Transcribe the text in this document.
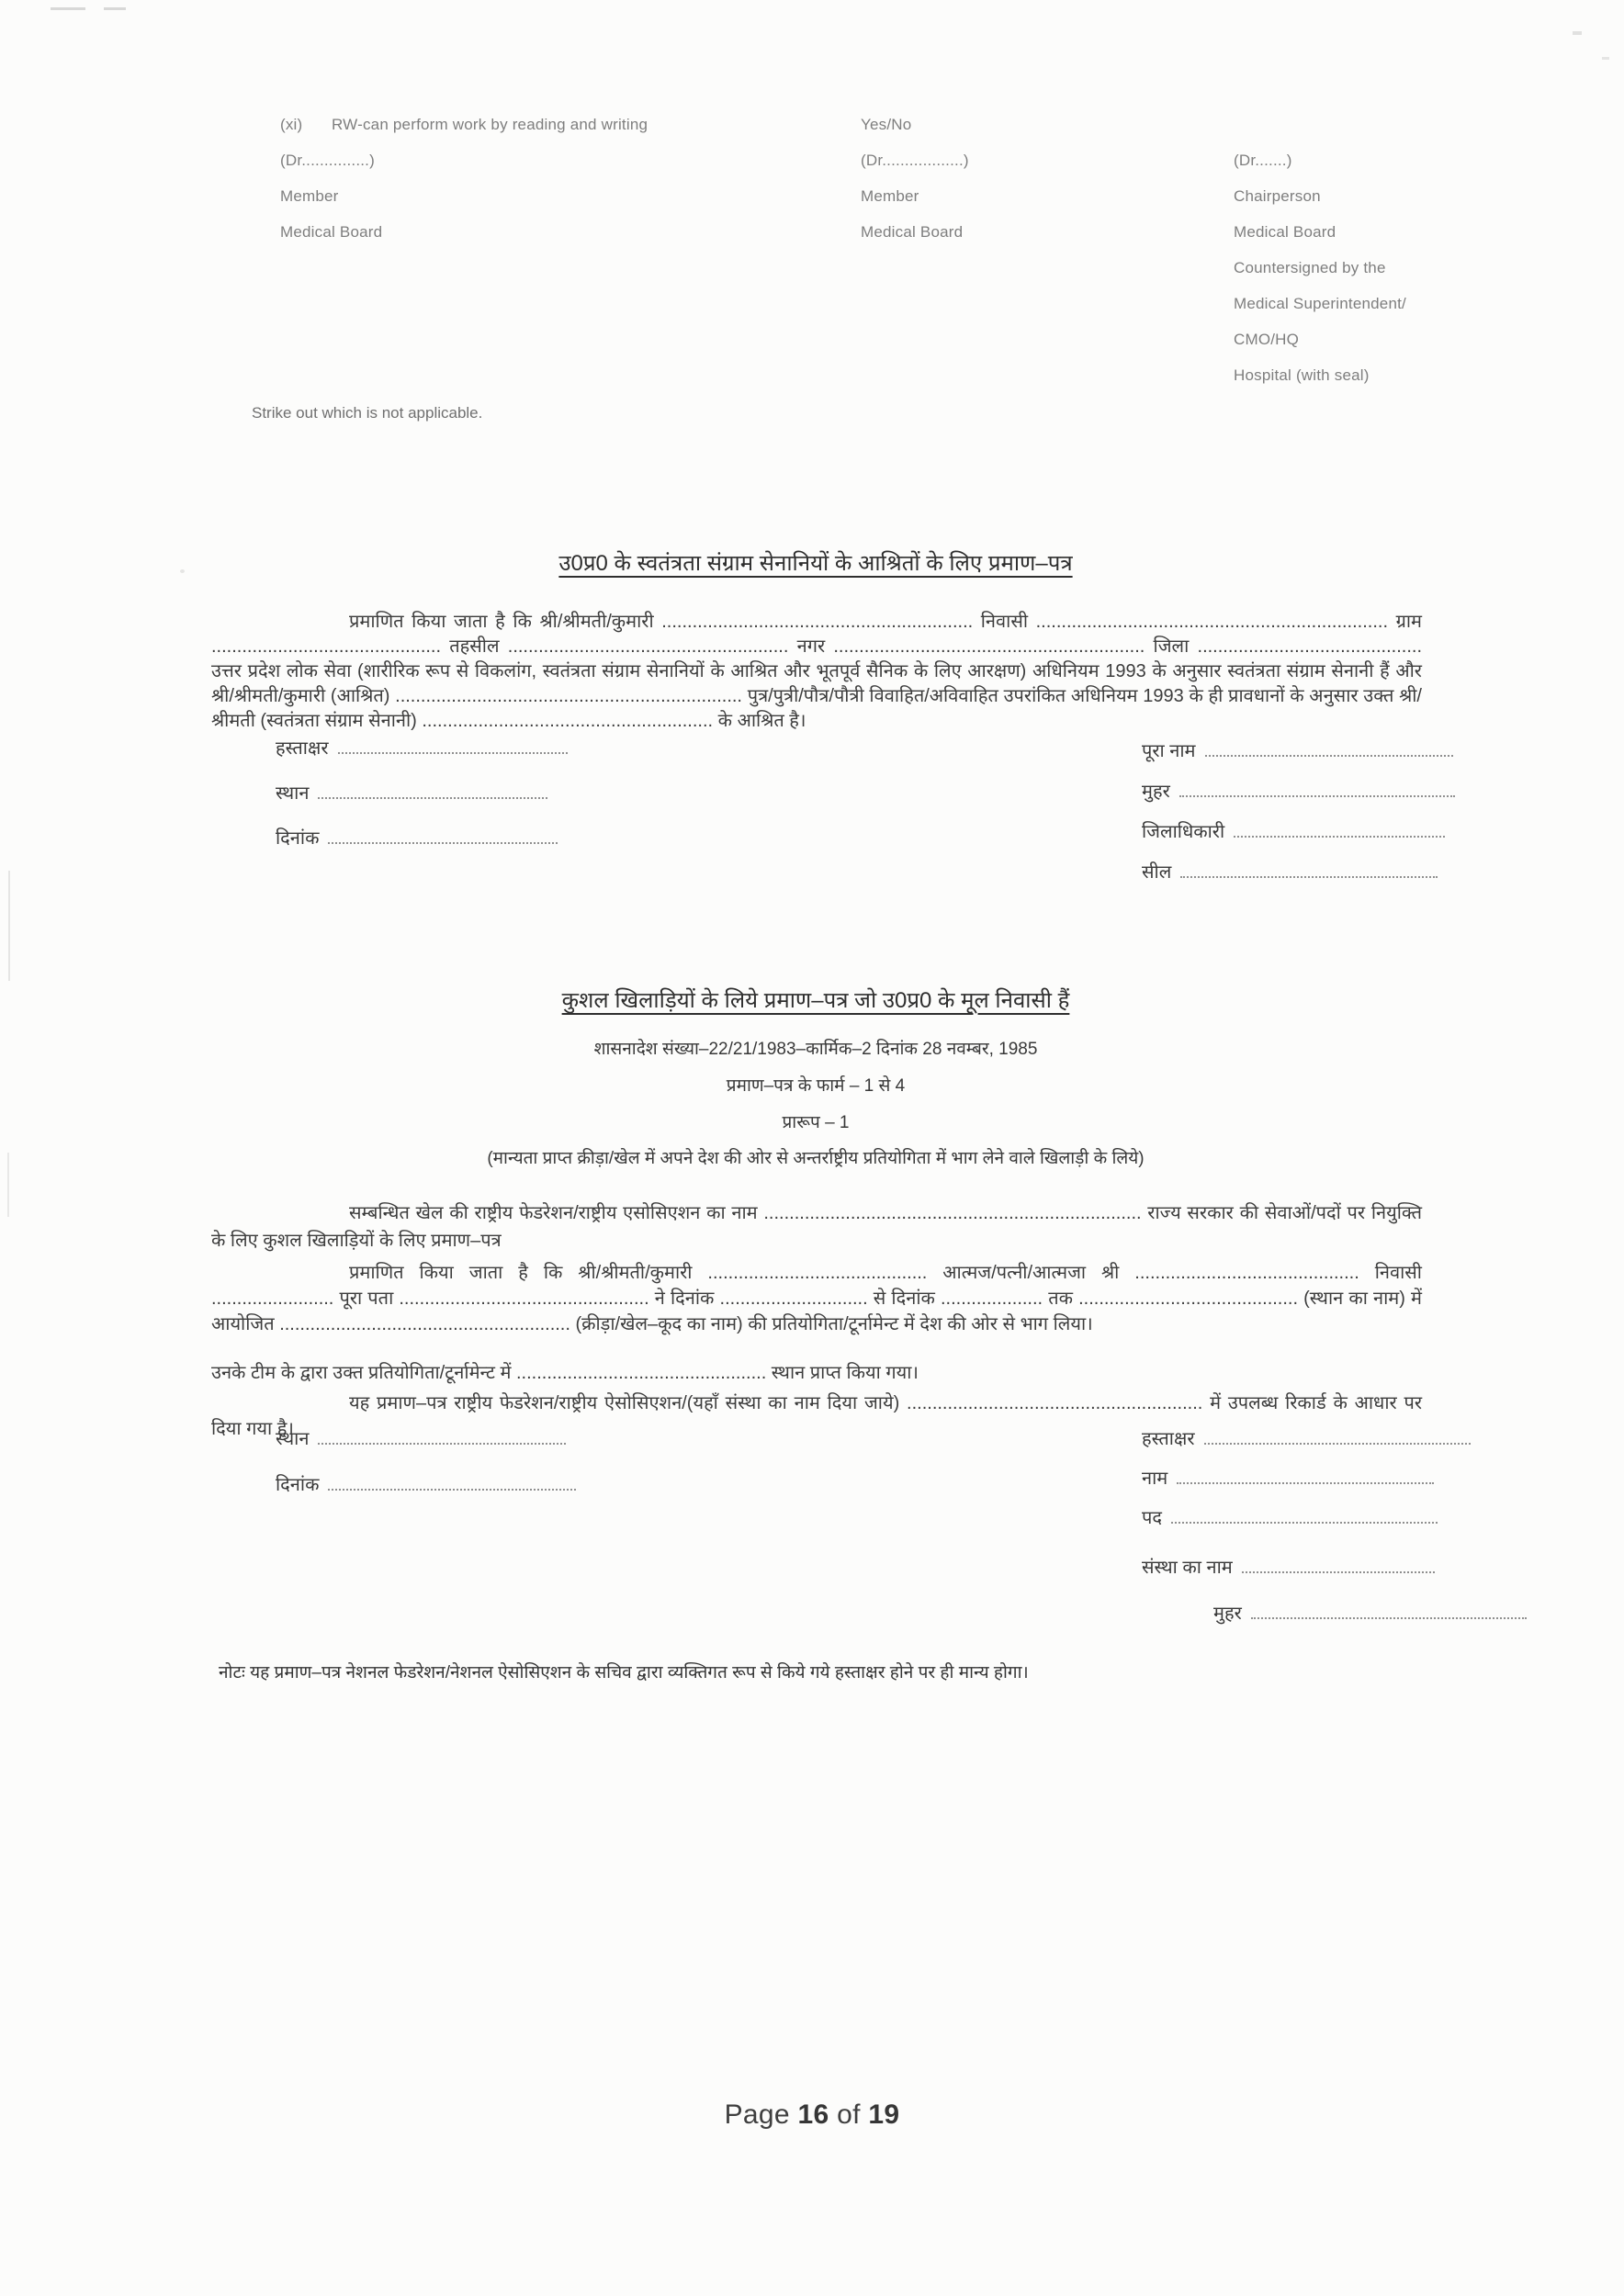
(xi) RW-can perform work by reading and writing
(Dr...............)
Member
Medical Board
Yes/No
(Dr..................)
Member
Medical Board
(Dr.......)
Chairperson
Medical Board
Countersigned by the
Medical Superintendent/
CMO/HQ
Hospital (with seal)
Strike out which is not applicable.
उ0प्र0 के स्वतंत्रता संग्राम सेनानियों के आश्रितों के लिए प्रमाण–पत्र

प्रमाणित किया जाता है कि श्री/श्रीमती/कुमारी ............................................................. निवासी ..................................................................... ग्राम ............................................. तहसील ....................................................... नगर ............................................................. जिला ............................................ उत्तर प्रदेश लोक सेवा (शारीरिक रूप से विकलांग, स्वतंत्रता संग्राम सेनानियों के आश्रित और भूतपूर्व सैनिक के लिए आरक्षण) अधिनियम 1993 के अनुसार स्वतंत्रता संग्राम सेनानी हैं और श्री/श्रीमती/कुमारी (आश्रित) .................................................................... पुत्र/पुत्री/पौत्र/पौत्री विवाहित/अविवाहित उपरांकित अधिनियम 1993 के ही प्रावधानों के अनुसार उक्त श्री/श्रीमती (स्वतंत्रता संग्राम सेनानी) ......................................................... के आश्रित है।

हस्ताक्षर
स्थान
दिनांक
पूरा नाम
मुहर
जिलाधिकारी
सील
कुशल खिलाड़ियों के लिये प्रमाण–पत्र जो उ0प्र0 के मूल निवासी हैं
शासनादेश संख्या–22/21/1983–कार्मिक–2 दिनांक 28 नवम्बर, 1985
प्रमाण–पत्र के फार्म – 1 से 4
प्रारूप – 1
(मान्यता प्राप्त क्रीड़ा/खेल में अपने देश की ओर से अन्तर्राष्ट्रीय प्रतियोगिता में भाग लेने वाले खिलाड़ी के लिये)

सम्बन्धित खेल की राष्ट्रीय फेडरेशन/राष्ट्रीय एसोसिएशन का नाम .......................................................................... राज्य सरकार की सेवाओं/पदों पर नियुक्ति के लिए कुशल खिलाड़ियों के लिए प्रमाण–पत्र

प्रमाणित किया जाता है कि श्री/श्रीमती/कुमारी ........................................... आत्मज/पत्नी/आत्मजा श्री ............................................ निवासी ........................ पूरा पता ................................................. ने दिनांक ............................. से दिनांक .................... तक ........................................... (स्थान का नाम) में आयोजित ......................................................... (क्रीड़ा/खेल–कूद का नाम) की प्रतियोगिता/टूर्नामेन्ट में देश की ओर से भाग लिया।

उनके टीम के द्वारा उक्त प्रतियोगिता/टूर्नामेन्ट में ................................................. स्थान प्राप्त किया गया।

यह प्रमाण–पत्र राष्ट्रीय फेडरेशन/राष्ट्रीय ऐसोसिएशन/(यहाँ संस्था का नाम दिया जाये) .......................................................... में उपलब्ध रिकार्ड के आधार पर दिया गया है।

स्थान
दिनांक
हस्ताक्षर
नाम
पद
संस्था का नाम
मुहर

नोटः यह प्रमाण–पत्र नेशनल फेडरेशन/नेशनल ऐसोसिएशन के सचिव द्वारा व्यक्तिगत रूप से किये गये हस्ताक्षर होने पर ही मान्य होगा।

Page 16 of 19
